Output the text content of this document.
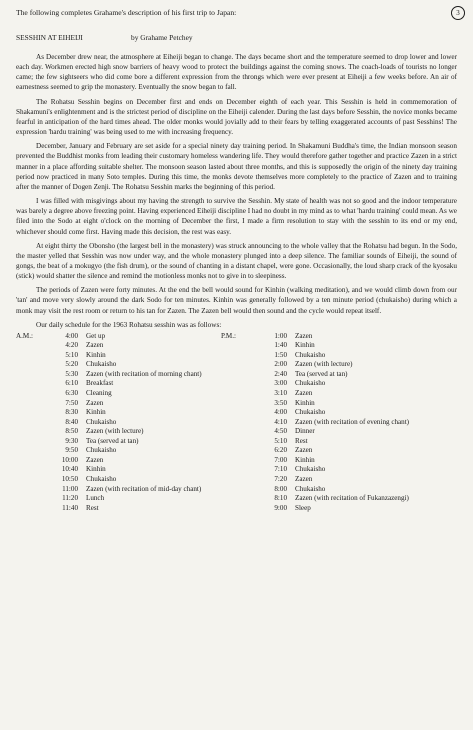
The following completes Grahame's description of his first trip to Japan:	3
SESSHIN AT EIHEIJI	by Grahame Petchey

As December drew near, the atmosphere at Eiheiji began to change. The days became short and the temperature seemed to drop lower and lower each day. Workmen erected high snow barriers of heavy wood to protect the buildings against the coming snows. The coach-loads of tourists no longer came; the few sightseers who did come bore a different expression from the throngs which were ever present at Eiheiji a few weeks before. An air of earnestness seemed to grip the monastery. Eventually the snow began to fall.

The Rohatsu Sesshin begins on December first and ends on December eighth of each year. This Sesshin is held in commemoration of Shakamuni's enlightenment and is the strictest period of discipline on the Eiheiji calender. During the last days before Sesshin, the novice monks became fearful in anticipation of the hard times ahead. The older monks would jovially add to their fears by telling exaggerated accounts of past Sesshins! The expression 'hardu training' was being used to me with increasing frequency.

December, January and February are set aside for a special ninety day training period. In Shakamuni Buddha's time, the Indian monsoon season prevented the Buddhist monks from leading their customary homeless wandering life. They would therefore gather together and practice Zazen in a strict manner in a place affording suitable shelter. The monsoon season lasted about three months, and this is supposedly the origin of the ninety day training period now practiced in many Soto temples. During this time, the monks devote themselves more completely to the practice of Zazen and to training after the manner of Dogen Zenji. The Rohatsu Sesshin marks the beginning of this period.

I was filled with misgivings about my having the strength to survive the Sesshin. My state of health was not so good and the indoor temperature was barely a degree above freezing point. Having experienced Eiheiji discipline I had no doubt in my mind as to what 'hardu training' could mean. As we filed into the Sodo at eight o'clock on the morning of December the first, I made a firm resolution to stay with the sesshin to its end or my end, whichever should come first. Having made this decision, the rest was easy.

At eight thirty the Obonsho (the largest bell in the monastery) was struck announcing to the whole valley that the Rohatsu had begun. In the Sodo, the master yelled that Sesshin was now under way, and the whole monastery plunged into a deep silence. The familiar sounds of Eiheiji, the sound of gongs, the beat of a mokugyo (the fish drum), or the sound of chanting in a distant chapel, were gone. Occasionally, the loud sharp crack of the kyosaku (stick) would shatter the silence and remind the motionless monks not to give in to sleepiness.

The periods of Zazen were forty minutes. At the end the bell would sound for Kinhin (walking meditation), and we would climb down from our 'tan' and move very slowly around the dark Sodo for ten minutes. Kinhin was generally followed by a ten minute period (chukaisho) during which a monk may visit the rest room or return to his tan for Zazen. The Zazen bell would then sound and the cycle would repeat itself.

Our daily schedule for the 1963 Rohatsu sesshin was as follows:

A.M.:	4:00	Get up
4:20	Zazen
5:10	Kinhin
5:20	Chukaisho
5:30	Zazen (with recitation of morning chant)
6:10	Breakfast
6:30	Cleaning
7:50	Zazen
8:30	Kinhin
8:40	Chukaisho
8:50	Zazen (with lecture)
9:30	Tea (served at tan)
9:50	Chukaisho
10:00	Zazen
10:40	Kinhin
10:50	Chukaisho
11:00	Zazen (with recitation of mid-day chant)
11:20	Lunch
11:40	Rest
P.M.:	1:00	Zazen
1:40	Kinhin
1:50	Chukaisho
2:00	Zazen (with lecture)
2:40	Tea (served at tan)
3:00	Chukaisho
3:10	Zazen
3:50	Kinhin
4:00	Chukaisho
4:10	Zazen (with recitation of evening chant)
4:50	Dinner
5:10	Rest
6:20	Zazen
7:00	Kinhin
7:10	Chukaisho
7:20	Zazen
8:00	Chukaisho
8:10	Zazen (with recitation of Fukanzazengi)
9:00	Sleep
